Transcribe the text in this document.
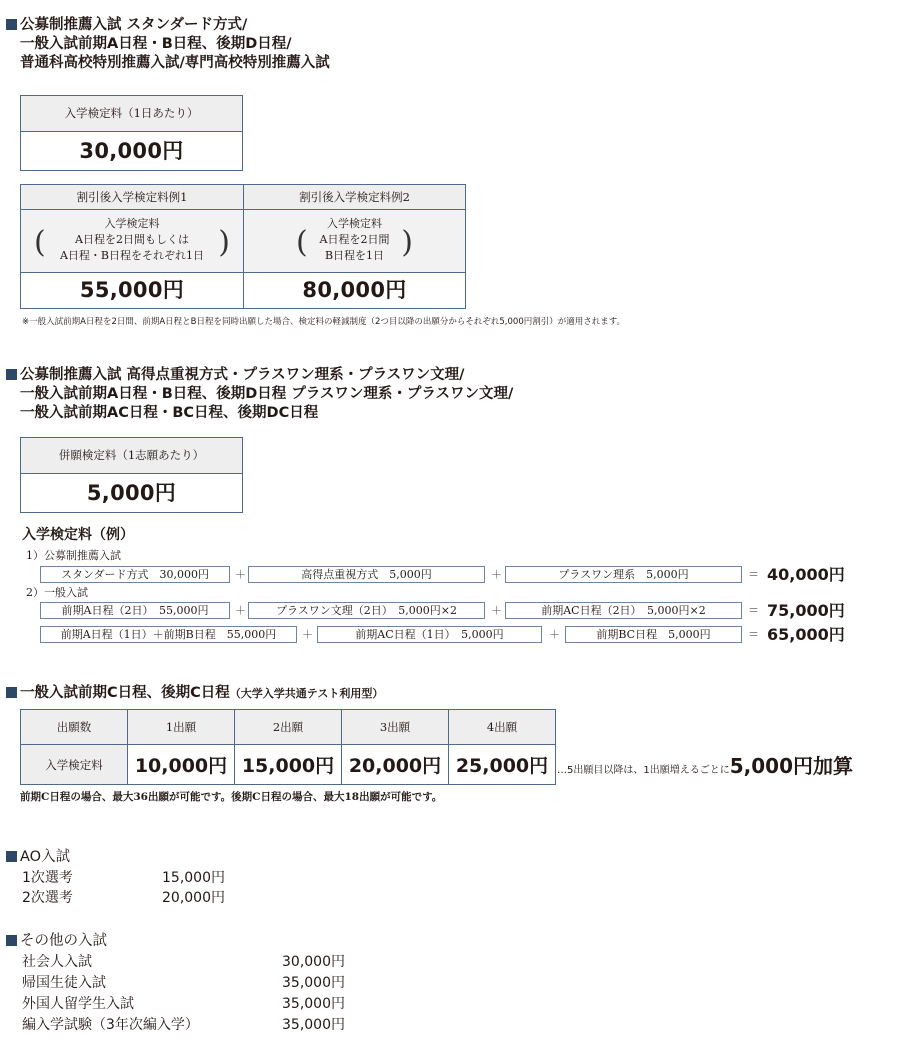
公募制推薦入試 スタンダード方式/
一般入試前期A日程・B日程、後期D日程/
普通科高校特別推薦入試/専門高校特別推薦入試
入学検定料（1日あたり）
30,000円
割引後入学検定料例1
(
入学検定料
A日程を2日間もしくは
A日程・B日程をそれぞれ1日 )
55,000円
割引後入学検定料例2
(
入学検定料
A日程を2日間
B日程を1日 )
80,000円
※一般入試前期A日程を2日間、前期A日程とB日程を同時出願した場合、検定料の軽減制度（2つ目以降の出願分からそれぞれ5,000円割引）が適用されます。
公募制推薦入試 高得点重視方式・プラスワン理系・プラスワン文理/
一般入試前期A日程・B日程、後期D日程 プラスワン理系・プラスワン文理/
一般入試前期AC日程・BC日程、後期DC日程
併願検定料（1志願あたり）
5,000円
入学検定料（例）
1）公募制推薦入試
スタンダード方式　30,000円	＋	高得点重視方式　5,000円	＋	プラスワン理系　5,000円	＝ 40,000円
2）一般入試
前期A日程（2日）　55,000円	＋	プラスワン文理（2日）　5,000円×2	＋	前期AC日程（2日）　5,000円×2	＝ 75,000円
前期A日程（1日）＋前期B日程　55,000円	＋	前期AC日程（1日）　5,000円	＋	前期BC日程　5,000円	＝ 65,000円
一般入試前期C日程、後期C日程（大学入学共通テスト利用型）
出願数	1出願	2出願	3出願	4出願
入学検定料	10,000円	15,000円	20,000円	25,000円 …5出願目以降は、1出願増えるごとに5,000円加算
前期C日程の場合、最大36出願が可能です。後期C日程の場合、最大18出願が可能です。
AO入試
1次選考	15,000円
2次選考	20,000円
その他の入試
社会人入試	30,000円
帰国生徒入試	35,000円
外国人留学生入試	35,000円
編入学試験（3年次編入学）	35,000円
